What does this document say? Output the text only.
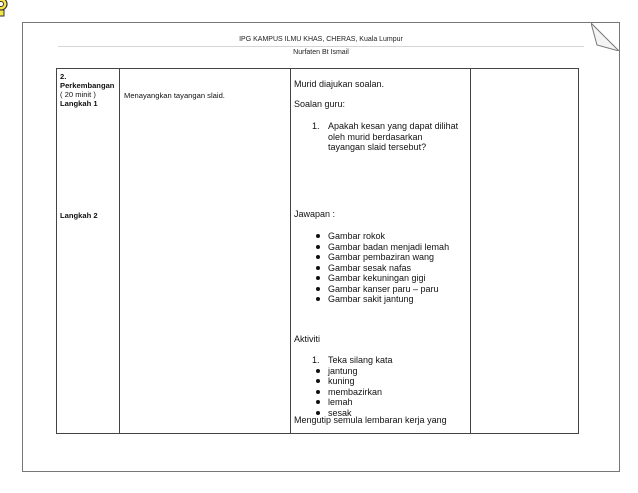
IPG KAMPUS ILMU KHAS, CHERAS, Kuala Lumpur
Nurfaten Bt Ismail
2.
Perkembangan
( 20 minit )
Langkah 1
Langkah 2
Menayangkan tayangan slaid.
Murid diajukan soalan.
Soalan guru:
1. Apakah kesan yang dapat dilihat
oleh murid berdasarkan
tayangan slaid tersebut?
Jawapan :
Gambar rokok
Gambar badan menjadi lemah
Gambar pembaziran wang
Gambar sesak nafas
Gambar kekuningan gigi
Gambar kanser paru – paru
Gambar sakit jantung
Aktiviti
1. Teka silang kata
jantung
kuning
membazirkan
lemah
sesak
Mengutip semula lembaran kerja yang
